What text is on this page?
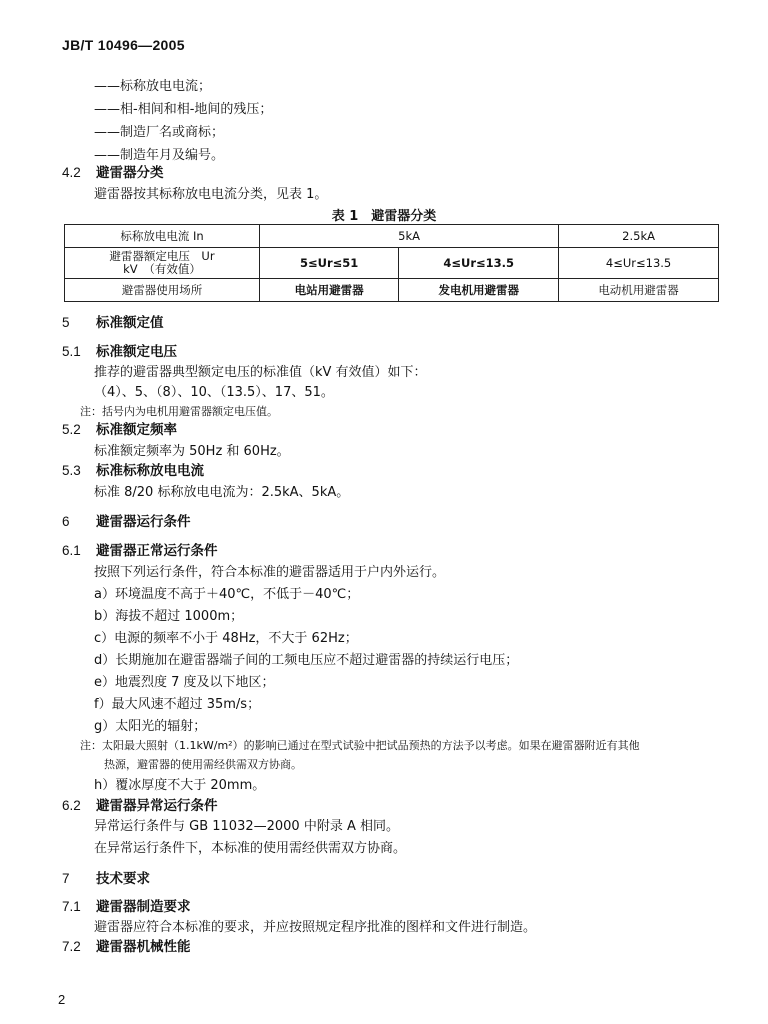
JB/T 10496—2005
——标称放电电流；
——相-相间和相-地间的残压；
——制造厂名或商标；
——制造年月及编号。
4.2 避雷器分类
避雷器按其标称放电电流分类，见表 1。
表 1　避雷器分类
标称放电电流 In	5kA		2.5kA

避雷器额定电压　Ur
kV　（有效值）	5≤Ur≤51	4≤Ur≤13.5	4≤Ur≤13.5
避雷器使用场所	电站用避雷器	发电机用避雷器	电动机用避雷器
5 标准额定值
5.1 标准额定电压
推荐的避雷器典型额定电压的标准值（kV 有效值）如下：
（4）、5、（8）、10、（13.5）、17、51。
注：括号内为电机用避雷器额定电压值。
5.2 标准额定频率
标准额定频率为 50Hz 和 60Hz。
5.3 标准标称放电电流
标准 8/20 标称放电电流为：2.5kA、5kA。
6 避雷器运行条件
6.1 避雷器正常运行条件
按照下列运行条件，符合本标准的避雷器适用于户内外运行。
a）环境温度不高于＋40℃，不低于－40℃；
b）海拔不超过 1000m；
c）电源的频率不小于 48Hz，不大于 62Hz；
d）长期施加在避雷器端子间的工频电压应不超过避雷器的持续运行电压；
e）地震烈度 7 度及以下地区；
f）最大风速不超过 35m/s；
g）太阳光的辐射；
注：太阳最大照射（1.1kW/m²）的影响已通过在型式试验中把试品预热的方法予以考虑。如果在避雷器附近有其他
热源，避雷器的使用需经供需双方协商。
h）覆冰厚度不大于 20mm。
6.2 避雷器异常运行条件
异常运行条件与 GB 11032—2000 中附录 A 相同。
在异常运行条件下，本标准的使用需经供需双方协商。
7 技术要求
7.1 避雷器制造要求
避雷器应符合本标准的要求，并应按照规定程序批准的图样和文件进行制造。
7.2 避雷器机械性能
2
